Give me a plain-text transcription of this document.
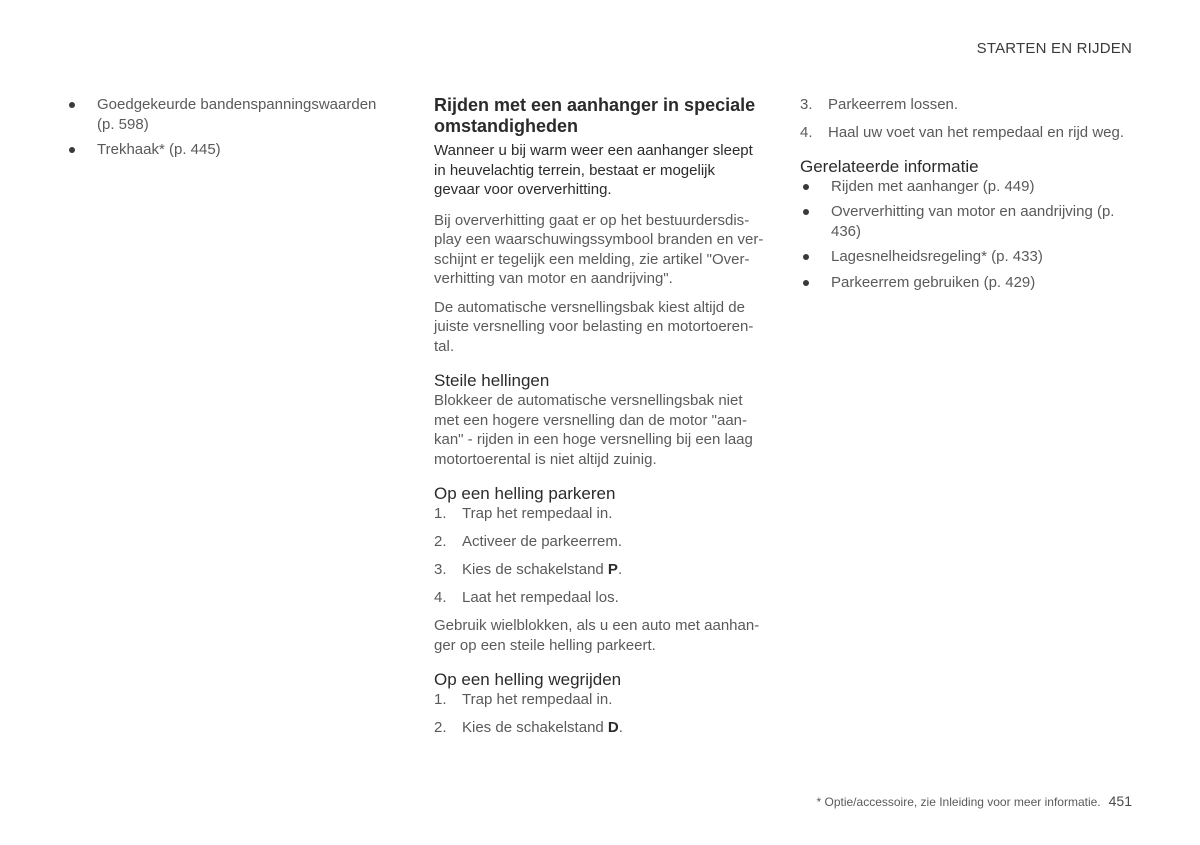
STARTEN EN RIJDEN
Goedgekeurde bandenspanningswaarden (p. 598)
Trekhaak* (p. 445)
Rijden met een aanhanger in speciale omstandigheden

Wanneer u bij warm weer een aanhanger sleept in heuvelachtig terrein, bestaat er mogelijk gevaar voor oververhitting.

Bij oververhitting gaat er op het bestuurdersdisplay een waarschuwingssymbool branden en verschijnt er tegelijk een melding, zie artikel "Oververhitting van motor en aandrijving".

De automatische versnellingsbak kiest altijd de juiste versnelling voor belasting en motortoerental.

Steile hellingen

Blokkeer de automatische versnellingsbak niet met een hogere versnelling dan de motor "aankan" - rijden in een hoge versnelling bij een laag motortoerental is niet altijd zuinig.

Op een helling parkeren
1. Trap het rempedaal in.
2. Activeer de parkeerrem.
3. Kies de schakelstand P.
4. Laat het rempedaal los.

Gebruik wielblokken, als u een auto met aanhanger op een steile helling parkeert.

Op een helling wegrijden
1. Trap het rempedaal in.
2. Kies de schakelstand D.
3. Parkeerrem lossen.
4. Haal uw voet van het rempedaal en rijd weg.
Gerelateerde informatie
Rijden met aanhanger (p. 449)
Oververhitting van motor en aandrijving (p. 436)
Lagesnelheidsregeling* (p. 433)
Parkeerrem gebruiken (p. 429)
* Optie/accessoire, zie Inleiding voor meer informatie. 451
